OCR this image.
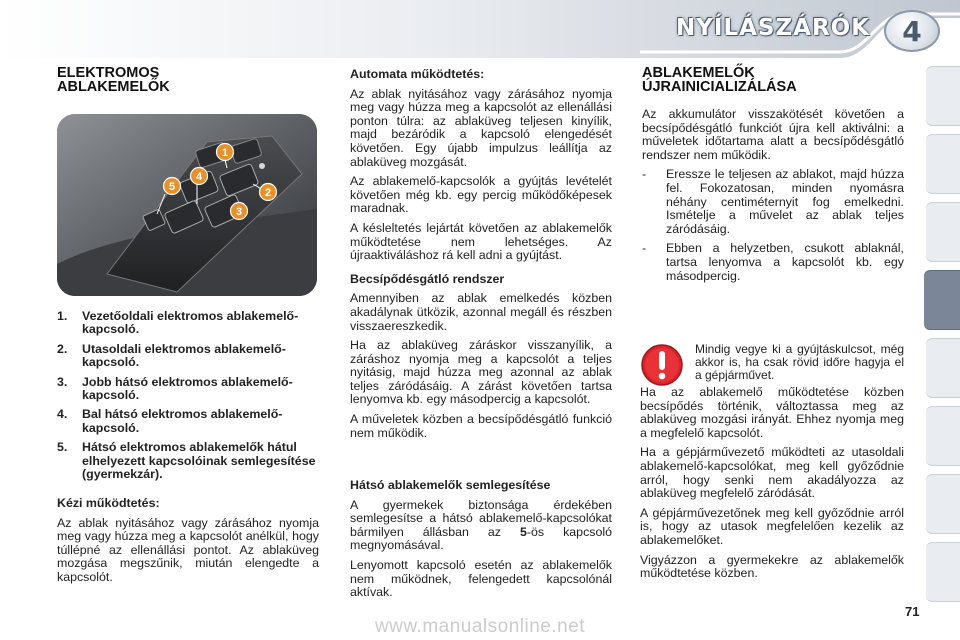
NYÍLÁSZÁRÓK	4
ELEKTROMOS
ABLAKEMELŐK
1
2
3
4
5
1.	Vezetőoldali elektromos ablakemelő-kapcsoló.
2.	Utasoldali elektromos ablakemelő-kapcsoló.
3.	Jobb hátsó elektromos ablakemelő-kapcsoló.
4.	Bal hátsó elektromos ablakemelő-kapcsoló.
5.	Hátsó elektromos ablakemelők hátul elhelyezett kapcsolóinak semlegesítése (gyermekzár).
Kézi működtetés:

Az ablak nyitásához vagy zárásához nyomja meg vagy húzza meg a kapcsolót anélkül, hogy túllépné az ellenállási pontot. Az ablaküveg mozgása megszűnik, miután elengedte a kapcsolót.

Automata működtetés:

Az ablak nyitásához vagy zárásához nyomja meg vagy húzza meg a kapcsolót az ellenállási ponton túlra: az ablaküveg teljesen kinyílik, majd bezáródik a kapcsoló elengedését követően. Egy újabb impulzus leállítja az ablaküveg mozgását.

Az ablakemelő-kapcsolók a gyújtás levételét követően még kb. egy percig működőképesek maradnak.

A késleltetés lejártát követően az ablakemelők működtetése nem lehetséges. Az újraaktiváláshoz rá kell adni a gyújtást.

Becsípődésgátló rendszer

Amennyiben az ablak emelkedés közben akadálynak ütközik, azonnal megáll és részben visszaereszkedik.

Ha az ablaküveg záráskor visszanyílik, a záráshoz nyomja meg a kapcsolót a teljes nyitásig, majd húzza meg azonnal az ablak teljes záródásáig. A zárást követően tartsa lenyomva kb. egy másodpercig a kapcsolót.

A műveletek közben a becsípődésgátló funkció nem működik.

Hátsó ablakemelők semlegesítése

A gyermekek biztonsága érdekében semlegesítse a hátsó ablakemelő-kapcsolókat bármilyen állásban az 5-ös kapcsoló megnyomásával.

Lenyomott kapcsoló esetén az ablakemelők nem működnek, felengedett kapcsolónál aktívak.

ABLAKEMELŐK
ÚJRAINICIALIZÁLÁSA

Az akkumulátor visszakötését követően a becsípődésgátló funkciót újra kell aktiválni: a műveletek időtartama alatt a becsípődésgátló rendszer nem működik.

-	Eressze le teljesen az ablakot, majd húzza fel. Fokozatosan, minden nyomásra néhány centiméternyit fog emelkedni. Ismételje a művelet az ablak teljes záródásáig.
-	Ebben a helyzetben, csukott ablaknál, tartsa lenyomva a kapcsolót kb. egy másodpercig.

Mindig vegye ki a gyújtáskulcsot, még akkor is, ha csak rövid időre hagyja el a gépjárművet.

Ha az ablakemelő működtetése közben becsípődés történik, változtassa meg az ablaküveg mozgási irányát. Ehhez nyomja meg a megfelelő kapcsolót.

Ha a gépjárművezető működteti az utasoldali ablakemelő-kapcsolókat, meg kell győződnie arról, hogy senki nem akadályozza az ablaküveg megfelelő záródását.

A gépjárművezetőnek meg kell győződnie arról is, hogy az utasok megfelelően kezelik az ablakemelőket.

Vigyázzon a gyermekekre az ablakemelők működtetése közben.

71
www.manualsonline.net
